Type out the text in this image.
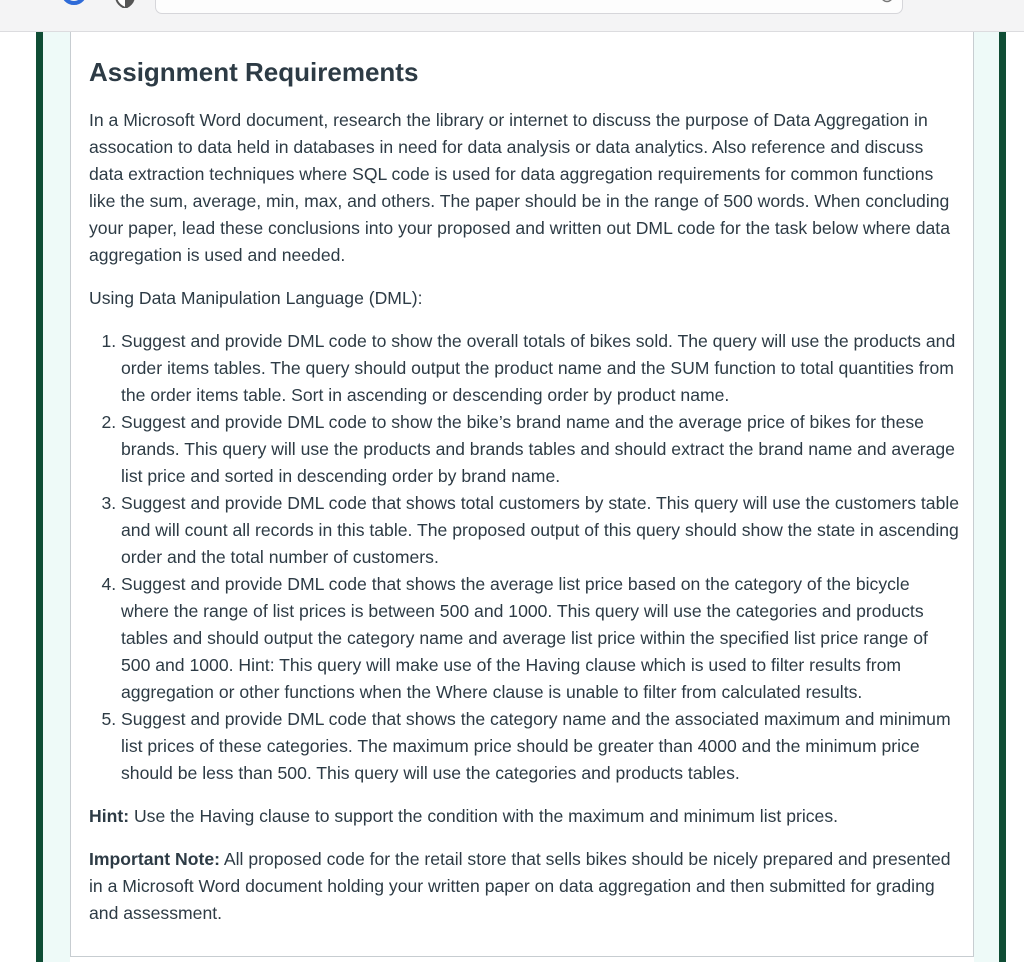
Assignment Requirements

In a Microsoft Word document, research the library or internet to discuss the purpose of Data Aggregation in assocation to data held in databases in need for data analysis or data analytics. Also reference and discuss data extraction techniques where SQL code is used for data aggregation requirements for common functions like the sum, average, min, max, and others. The paper should be in the range of 500 words. When concluding your paper, lead these conclusions into your proposed and written out DML code for the task below where data aggregation is used and needed.

Using Data Manipulation Language (DML):

1. Suggest and provide DML code to show the overall totals of bikes sold. The query will use the products and order items tables. The query should output the product name and the SUM function to total quantities from the order items table. Sort in ascending or descending order by product name.
2. Suggest and provide DML code to show the bike’s brand name and the average price of bikes for these brands. This query will use the products and brands tables and should extract the brand name and average list price and sorted in descending order by brand name.
3. Suggest and provide DML code that shows total customers by state. This query will use the customers table and will count all records in this table. The proposed output of this query should show the state in ascending order and the total number of customers.
4. Suggest and provide DML code that shows the average list price based on the category of the bicycle where the range of list prices is between 500 and 1000. This query will use the categories and products tables and should output the category name and average list price within the specified list price range of 500 and 1000. Hint: This query will make use of the Having clause which is used to filter results from aggregation or other functions when the Where clause is unable to filter from calculated results.
5. Suggest and provide DML code that shows the category name and the associated maximum and minimum list prices of these categories. The maximum price should be greater than 4000 and the minimum price should be less than 500. This query will use the categories and products tables.

Hint: Use the Having clause to support the condition with the maximum and minimum list prices.

Important Note: All proposed code for the retail store that sells bikes should be nicely prepared and presented in a Microsoft Word document holding your written paper on data aggregation and then submitted for grading and assessment.
